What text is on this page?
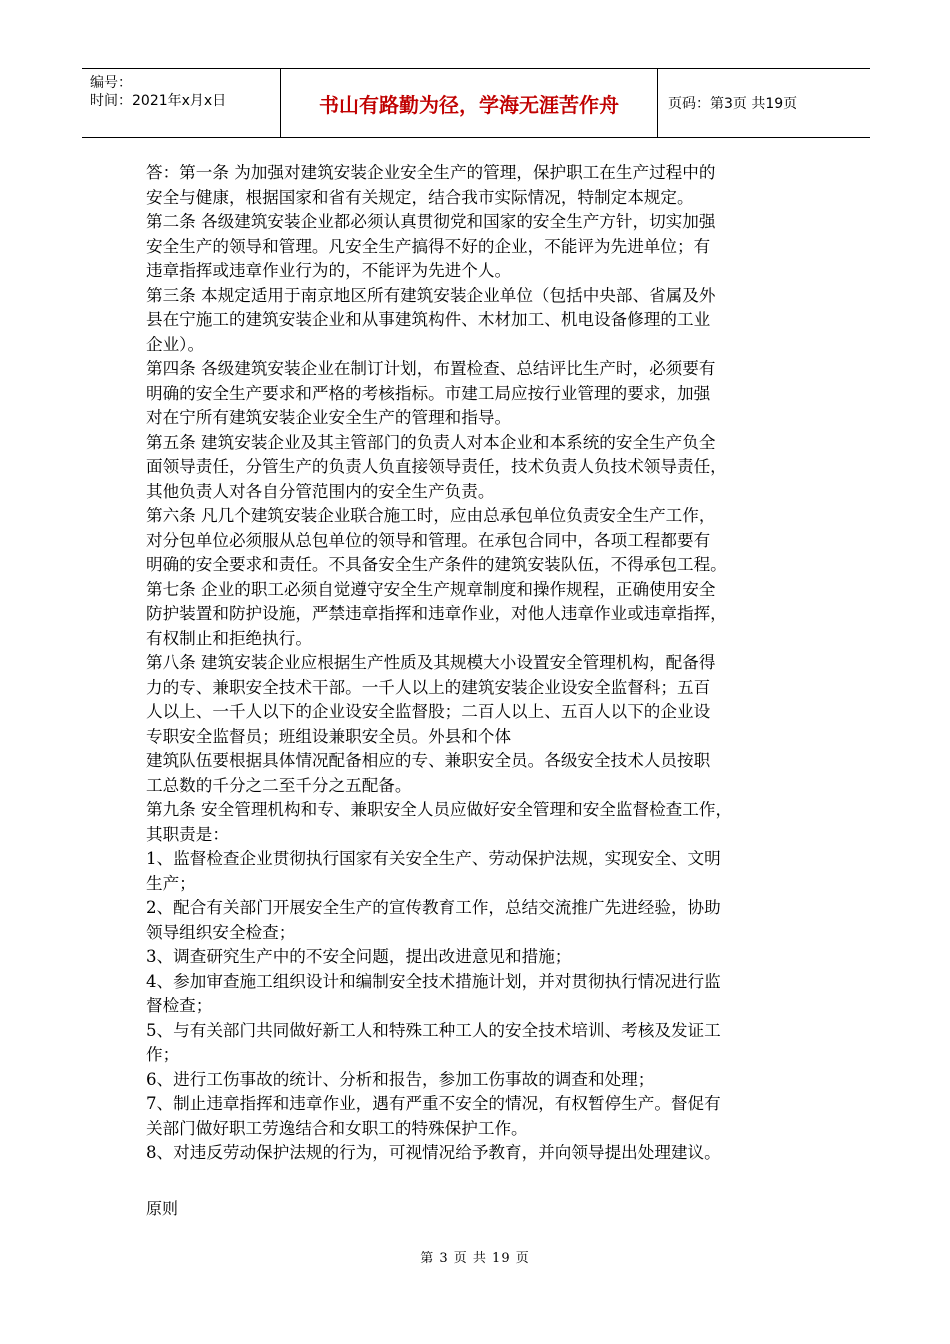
编号：
时间：2021年x月x日	书山有路勤为径，学海无涯苦作舟	页码：第3页 共19页

答：第一条 为加强对建筑安装企业安全生产的管理，保护职工在生产过程中的

安全与健康，根据国家和省有关规定，结合我市实际情况，特制定本规定。

第二条 各级建筑安装企业都必须认真贯彻党和国家的安全生产方针，切实加强

安全生产的领导和管理。凡安全生产搞得不好的企业，不能评为先进单位；有

违章指挥或违章作业行为的，不能评为先进个人。

第三条 本规定适用于南京地区所有建筑安装企业单位（包括中央部、省属及外

县在宁施工的建筑安装企业和从事建筑构件、木材加工、机电设备修理的工业

企业）。

第四条 各级建筑安装企业在制订计划，布置检查、总结评比生产时，必须要有

明确的安全生产要求和严格的考核指标。市建工局应按行业管理的要求，加强

对在宁所有建筑安装企业安全生产的管理和指导。

第五条 建筑安装企业及其主管部门的负责人对本企业和本系统的安全生产负全

面领导责任，分管生产的负责人负直接领导责任，技术负责人负技术领导责任，

其他负责人对各自分管范围内的安全生产负责。

第六条 凡几个建筑安装企业联合施工时，应由总承包单位负责安全生产工作，

对分包单位必须服从总包单位的领导和管理。在承包合同中，各项工程都要有

明确的安全要求和责任。不具备安全生产条件的建筑安装队伍，不得承包工程。

第七条 企业的职工必须自觉遵守安全生产规章制度和操作规程，正确使用安全

防护装置和防护设施，严禁违章指挥和违章作业，对他人违章作业或违章指挥，

有权制止和拒绝执行。

第八条 建筑安装企业应根据生产性质及其规模大小设置安全管理机构，配备得

力的专、兼职安全技术干部。一千人以上的建筑安装企业设安全监督科；五百

人以上、一千人以下的企业设安全监督股；二百人以上、五百人以下的企业设

专职安全监督员；班组设兼职安全员。外县和个体

建筑队伍要根据具体情况配备相应的专、兼职安全员。各级安全技术人员按职

工总数的千分之二至千分之五配备。

第九条 安全管理机构和专、兼职安全人员应做好安全管理和安全监督检查工作，

其职责是：

1、监督检查企业贯彻执行国家有关安全生产、劳动保护法规，实现安全、文明

生产；

2、配合有关部门开展安全生产的宣传教育工作，总结交流推广先进经验，协助

领导组织安全检查；

3、调查研究生产中的不安全问题，提出改进意见和措施；

4、参加审查施工组织设计和编制安全技术措施计划，并对贯彻执行情况进行监

督检查；

5、与有关部门共同做好新工人和特殊工种工人的安全技术培训、考核及发证工

作；

6、进行工伤事故的统计、分析和报告，参加工伤事故的调查和处理；

7、制止违章指挥和违章作业，遇有严重不安全的情况，有权暂停生产。督促有

关部门做好职工劳逸结合和女职工的特殊保护工作。

8、对违反劳动保护法规的行为，可视情况给予教育，并向领导提出处理建议。

原则
第 3 页 共 19 页
